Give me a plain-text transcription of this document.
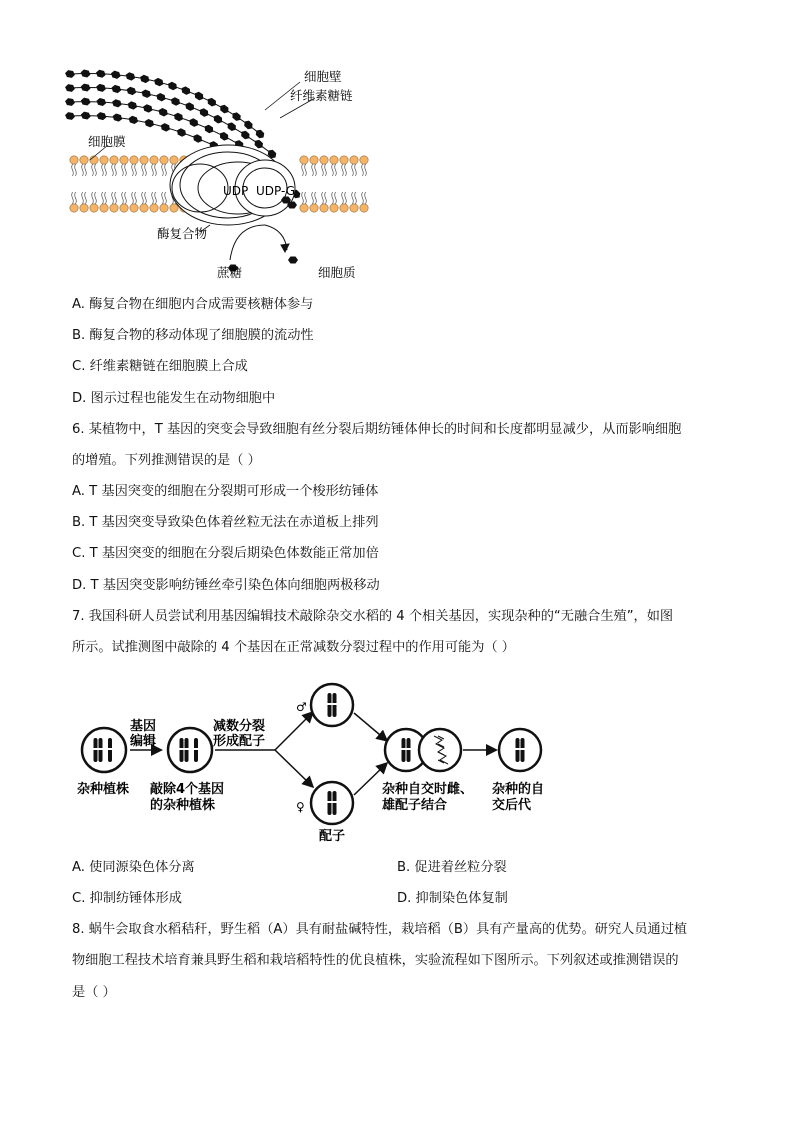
细胞壁
纤维素糖链
细胞膜
UDP UDP-G
酶复合物
蔗糖	细胞质
A. 酶复合物在细胞内合成需要核糖体参与
B. 酶复合物的移动体现了细胞膜的流动性
C. 纤维素糖链在细胞膜上合成
D. 图示过程也能发生在动物细胞中
6. 某植物中，T 基因的突变会导致细胞有丝分裂后期纺锤体伸长的时间和长度都明显减少，从而影响细胞
的增殖。下列推测错误的是（ ）
A. T 基因突变的细胞在分裂期可形成一个梭形纺锤体
B. T 基因突变导致染色体着丝粒无法在赤道板上排列
C. T 基因突变的细胞在分裂后期染色体数能正常加倍
D. T 基因突变影响纺锤丝牵引染色体向细胞两极移动
7. 我国科研人员尝试利用基因编辑技术敲除杂交水稻的 4 个相关基因，实现杂种的“无融合生殖”，如图
所示。试推测图中敲除的 4 个基因在正常减数分裂过程中的作用可能为（ ）
基因
编辑
减数分裂
形成配子
♂
♀
杂种植株 敲除4个基因
的杂种植株
配子
杂种自交时雌、
雄配子结合
杂种的自
交后代
A. 使同源染色体分离	B. 促进着丝粒分裂
C. 抑制纺锤体形成	D. 抑制染色体复制
8. 蜗牛会取食水稻秸秆，野生稻（A）具有耐盐碱特性，栽培稻（B）具有产量高的优势。研究人员通过植
物细胞工程技术培育兼具野生稻和栽培稻特性的优良植株，实验流程如下图所示。下列叙述或推测错误的
是（ ）
